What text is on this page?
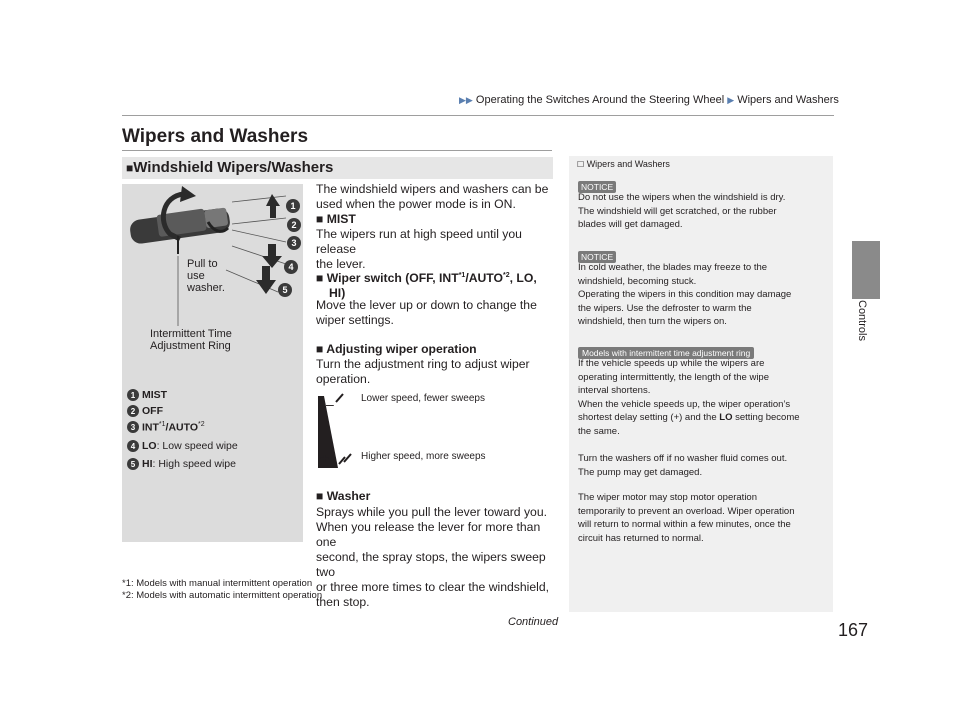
▶▶ Operating the Switches Around the Steering Wheel ▶ Wipers and Washers
Wipers and Washers
■Windshield Wipers/Washers
1
2
3
4
5
Pull to
use
washer.
Intermittent Time
Adjustment Ring
1 MIST
2 OFF
3 INT$^{*1}$/AUTO$^{*2}$
4 LO: Low speed wipe
5 HI: High speed wipe
The windshield wipers and washers can be
used when the power mode is in ON.
■ MIST
The wipers run at high speed until you release
the lever.
■ Wiper switch (OFF, INT$^{*1}$/AUTO$^{*2}$, LO,
HI)
Move the lever up or down to change the
wiper settings.
■ Adjusting wiper operation
Turn the adjustment ring to adjust wiper
operation.
–
+
Lower speed, fewer sweeps
Higher speed, more sweeps
■ Washer
Sprays while you pull the lever toward you.
When you release the lever for more than one
second, the spray stops, the wipers sweep two
or three more times to clear the windshield,
then stop.
*1: Models with manual intermittent operation
*2: Models with automatic intermittent operation
☐ Wipers and Washers
NOTICE
Do not use the wipers when the windshield is dry.
The windshield will get scratched, or the rubber
blades will get damaged.
NOTICE
In cold weather, the blades may freeze to the
windshield, becoming stuck.
Operating the wipers in this condition may damage
the wipers. Use the defroster to warm the
windshield, then turn the wipers on.
Models with intermittent time adjustment ring
If the vehicle speeds up while the wipers are
operating intermittently, the length of the wipe
interval shortens.
When the vehicle speeds up, the wiper operation’s
shortest delay setting (+) and the LO setting become
the same.
Turn the washers off if no washer fluid comes out.
The pump may get damaged.
The wiper motor may stop motor operation
temporarily to prevent an overload. Wiper operation
will return to normal within a few minutes, once the
circuit has returned to normal.
Controls
Continued	167
